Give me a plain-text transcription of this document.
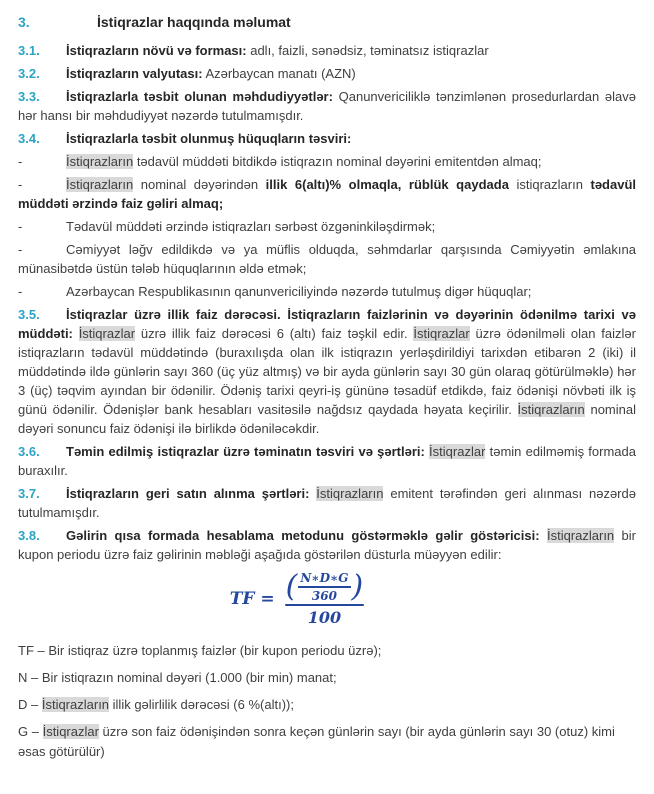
3.	İstiqrazlar haqqında məlumat

3.1. İstiqrazların növü və forması: adlı, faizli, sənədsiz, təminatsız istiqrazlar

3.2. İstiqrazların valyutası: Azərbaycan manatı (AZN)

3.3. İstiqrazlarla təsbit olunan məhdudiyyətlər: Qanunvericiliklə tənzimlənən prosedurlardan əlavə hər hansı bir məhdudiyyət nəzərdə tutulmamışdır.

3.4. İstiqrazlarla təsbit olunmuş hüquqların təsviri:

-	İstiqrazların tədavül müddəti bitdikdə istiqrazın nominal dəyərini emitentdən almaq;

-	İstiqrazların nominal dəyərindən illik 6(altı)% olmaqla, rüblük qaydada istiqrazların tədavül müddəti ərzində faiz gəliri almaq;

-	Tədavül müddəti ərzində istiqrazları sərbəst özgəninkiləşdirmək;

-	Cəmiyyət ləğv edildikdə və ya müflis olduqda, səhmdarlar qarşısında Cəmiyyətin əmlakına münasibətdə üstün tələb hüquqlarının əldə etmək;

-	Azərbaycan Respublikasının qanunvericiliyində nəzərdə tutulmuş digər hüquqlar;

3.5. İstiqrazlar üzrə illik faiz dərəcəsi. İstiqrazların faizlərinin və dəyərinin ödənilmə tarixi və müddəti: İstiqrazlar üzrə illik faiz dərəcəsi 6 (altı) faiz təşkil edir. İstiqrazlar üzrə ödənilməli olan faizlər istiqrazların tədavül müddətində (buraxılışda olan ilk istiqrazın yerləşdirildiyi tarixdən etibarən 2 (iki) il müddətində ildə günlərin sayı 360 (üç yüz altmış) və bir ayda günlərin sayı 30 gün olaraq götürülməklə) hər 3 (üç) təqvim ayından bir ödənilir. Ödəniş tarixi qeyri-iş gününə təsadüf etdikdə, faiz ödənişi növbəti ilk iş günü ödənilir. Ödənişlər bank hesabları vasitəsilə nağdsız qaydada həyata keçirilir. İstiqrazların nominal dəyəri sonuncu faiz ödənişi ilə birlikdə ödəniləcəkdir.

3.6. Təmin edilmiş istiqrazlar üzrə təminatın təsviri və şərtləri: İstiqrazlar təmin edilməmiş formada buraxılır.

3.7. İstiqrazların geri satın alınma şərtləri: İstiqrazların emitent tərəfindən geri alınması nəzərdə tutulmamışdır.

3.8. Gəlirin qısa formada hesablama metodunu göstərməklə gəlir göstəricisi: İstiqrazların bir kupon periodu üzrə faiz gəlirinin məbləği aşağıda göstərilən düsturla müəyyən edilir:

TF = ( N∗D∗G
360 )
100

TF – Bir istiqraz üzrə toplanmış faizlər (bir kupon periodu üzrə);

N – Bir istiqrazın nominal dəyəri (1.000 (bir min) manat;

D – İstiqrazların illik gəlirlilik dərəcəsi (6 %(altı));

G – İstiqrazlar üzrə son faiz ödənişindən sonra keçən günlərin sayı (bir ayda günlərin sayı 30 (otuz) kimi əsas götürülür)
